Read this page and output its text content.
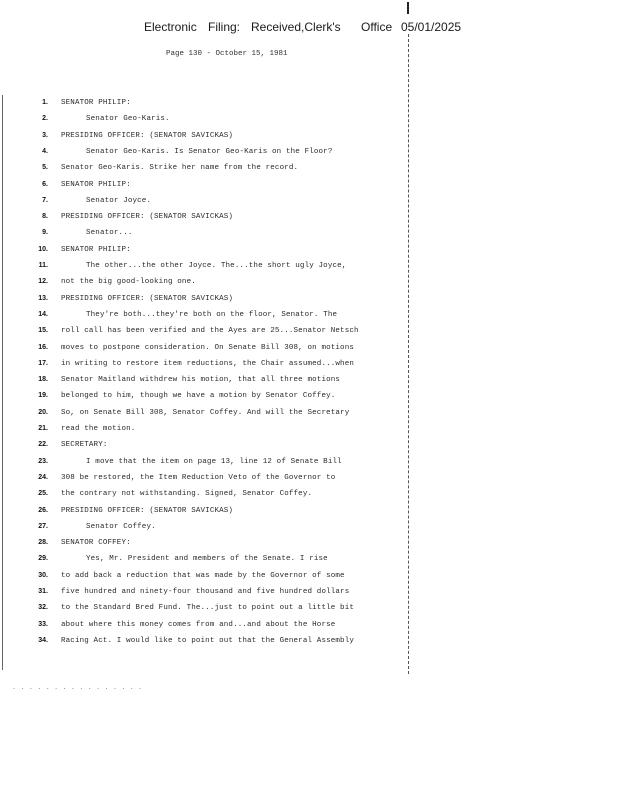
Electronic Filing: Received,Clerk's Office 05/01/2025
Page 130 - October 15, 1981
1. SENATOR PHILIP:
2.	Senator Geo-Karis.
3. PRESIDING OFFICER: (SENATOR SAVICKAS)
4.	Senator Geo-Karis. Is Senator Geo-Karis on the Floor?
5. Senator Geo-Karis. Strike her name from the record.
6. SENATOR PHILIP:
7.	Senator Joyce.
8. PRESIDING OFFICER: (SENATOR SAVICKAS)
9.	Senator...
10. SENATOR PHILIP:
11.	The other...the other Joyce. The...the short ugly Joyce,
12. not the big good-looking one.
13. PRESIDING OFFICER: (SENATOR SAVICKAS)
14.	They're both...they're both on the floor, Senator. The
15. roll call has been verified and the Ayes are 25...Senator Netsch
16. moves to postpone consideration. On Senate Bill 308, on motions
17. in writing to restore item reductions, the Chair assumed...when
18. Senator Maitland withdrew his motion, that all three motions
19. belonged to him, though we have a motion by Senator Coffey.
20. So, on Senate Bill 308, Senator Coffey. And will the Secretary
21. read the motion.
22. SECRETARY:
23.	I move that the item on page 13, line 12 of Senate Bill
24. 308 be restored, the Item Reduction Veto of the Governor to
25. the contrary not withstanding. Signed, Senator Coffey.
26. PRESIDING OFFICER: (SENATOR SAVICKAS)
27.	Senator Coffey.
28. SENATOR COFFEY:
29.	Yes, Mr. President and members of the Senate. I rise
30. to add back a reduction that was made by the Governor of some
31. five hundred and ninety-four thousand and five hundred dollars
32. to the Standard Bred Fund. The...just to point out a little bit
33. about where this money comes from and...and about the Horse
34. Racing Act. I would like to point out that the General Assembly
. . . . . . . . . . . . . . . .
